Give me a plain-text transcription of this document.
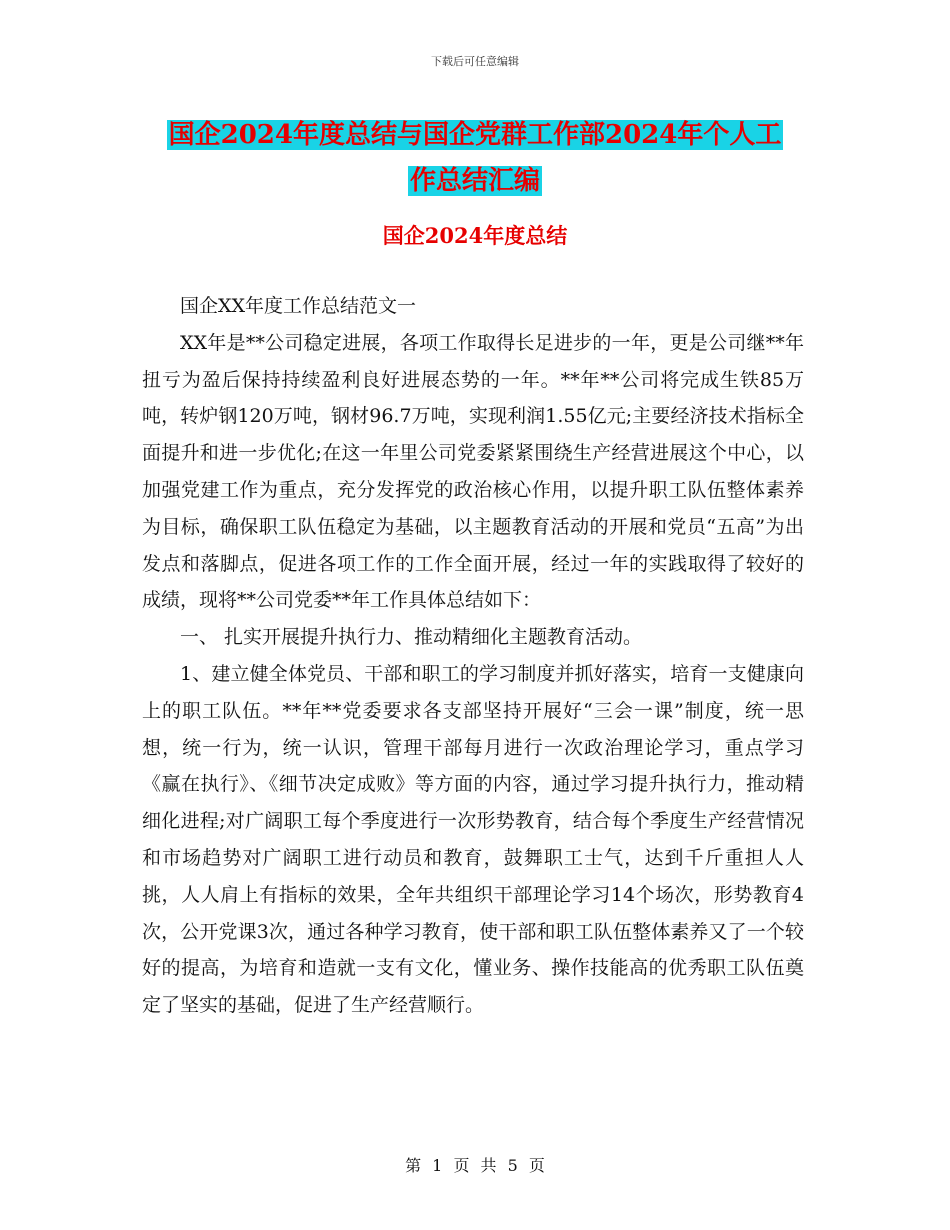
下载后可任意编辑
国企2024年度总结与国企党群工作部2024年个人工
作总结汇编
国企2024年度总结

国企XX年度工作总结范文一

XX年是**公司稳定进展，各项工作取得长足进步的一年，更是公司继**年扭亏为盈后保持持续盈利良好进展态势的一年。**年**公司将完成生铁85万吨，转炉钢120万吨，钢材96.7万吨，实现利润1.55亿元;主要经济技术指标全面提升和进一步优化;在这一年里公司党委紧紧围绕生产经营进展这个中心，以加强党建工作为重点，充分发挥党的政治核心作用，以提升职工队伍整体素养为目标，确保职工队伍稳定为基础，以主题教育活动的开展和党员“五高”为出发点和落脚点，促进各项工作的工作全面开展，经过一年的实践取得了较好的成绩，现将**公司党委**年工作具体总结如下：

一、 扎实开展提升执行力、推动精细化主题教育活动。

1、建立健全体党员、干部和职工的学习制度并抓好落实，培育一支健康向上的职工队伍。**年**党委要求各支部坚持开展好“三会一课”制度，统一思想，统一行为，统一认识，管理干部每月进行一次政治理论学习，重点学习《赢在执行》、《细节决定成败》等方面的内容，通过学习提升执行力，推动精细化进程;对广阔职工每个季度进行一次形势教育，结合每个季度生产经营情况和市场趋势对广阔职工进行动员和教育，鼓舞职工士气，达到千斤重担人人挑，人人肩上有指标的效果，全年共组织干部理论学习14个场次，形势教育4次，公开党课3次，通过各种学习教育，使干部和职工队伍整体素养又了一个较好的提高，为培育和造就一支有文化，懂业务、操作技能高的优秀职工队伍奠定了坚实的基础，促进了生产经营顺行。

第 1 页 共 5 页
